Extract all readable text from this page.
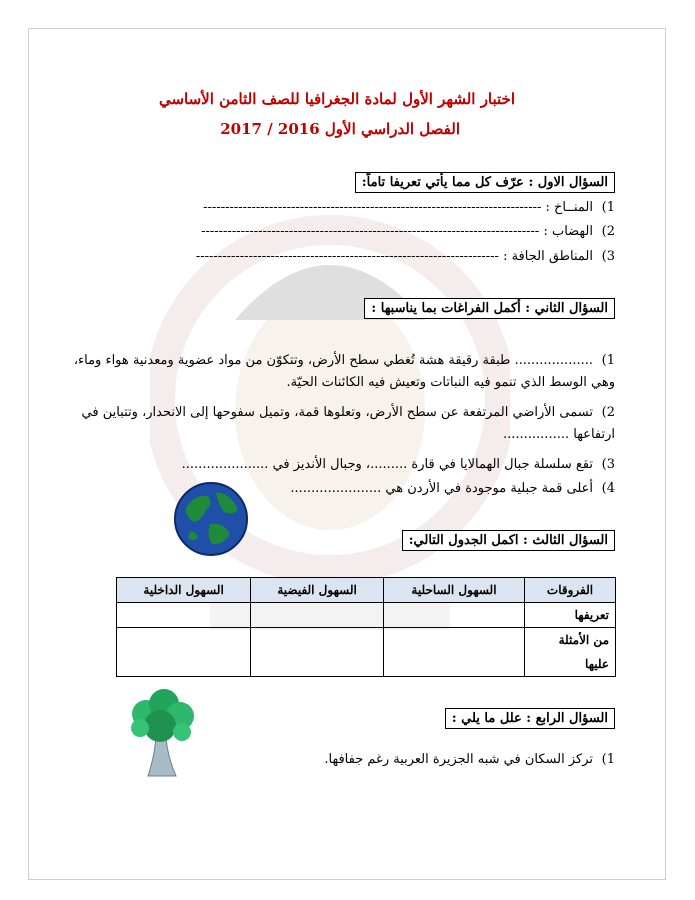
اختبار الشهر الأول لمادة الجغرافيا للصف الثامن الأساسي
الفصل الدراسي الأول 2016 / 2017
السؤال الاول : عرّف كل مما يأتي تعريفا تاماً:
1)المنــاخ : -----------------------------------------------------------------------------
2)الهضاب : -----------------------------------------------------------------------------
3)المناطق الجافة : ---------------------------------------------------------------------
السؤال الثاني : أكمل الفراغات بما يناسبها :
1)................... طبقة رقيقة هشة تُغطي سطح الأرض، وتتكوّن من مواد عضوية ومعدنية هواء وماء، وهي الوسط الذي تنمو فيه النباتات وتعيش فيه الكائنات الحيّة.
2)تسمى الأراضي المرتفعة عن سطح الأرض، وتعلوها قمة، وتميل سفوحها إلى الانحدار، وتتباين في ارتفاعها ................
3)تقع سلسلة جبال الهمالايا في قارة .........، وجبال الأنديز في .....................
4)أعلى قمة جبلية موجودة في الأردن هي ......................
السؤال الثالث : اكمل الجدول التالي:
الفروقات	السهول الساحلية	السهول الفيضية	السهول الداخلية
تعريفها			
من الأمثلة			
عليها			
السؤال الرابع : علل ما يلي :
1)تركز السكان في شبه الجزيرة العربية رغم جفافها.
